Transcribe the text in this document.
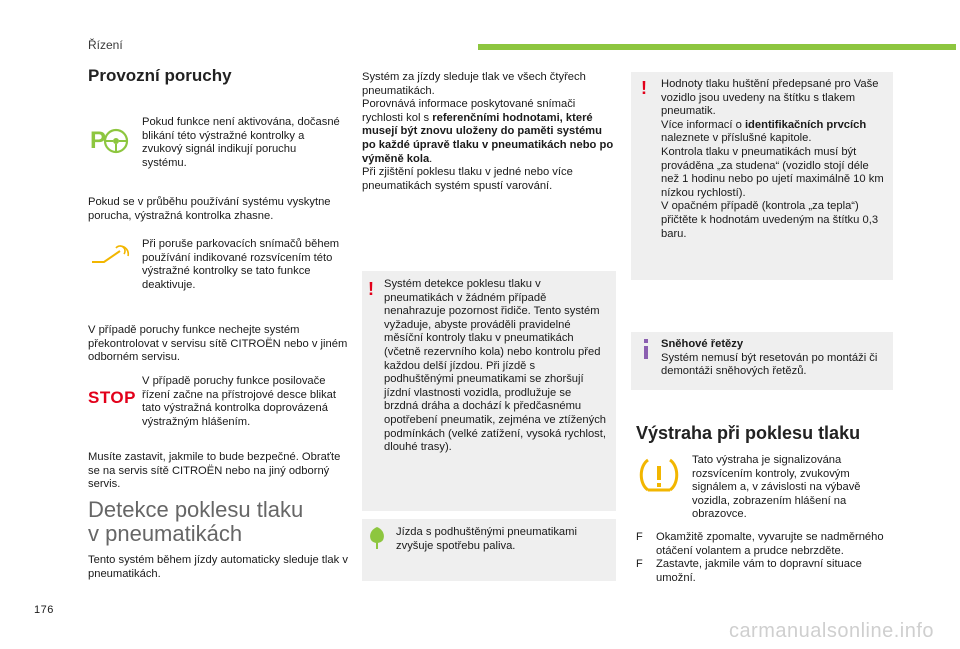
Řízení
Provozní poruchy
P
Pokud funkce není aktivována, dočasné blikání této výstražné kontrolky a zvukový signál indikují poruchu systému.
Pokud se v průběhu používání systému vyskytne porucha, výstražná kontrolka zhasne.
Při poruše parkovacích snímačů během používání indikované rozsvícením této výstražné kontrolky se tato funkce deaktivuje.
V případě poruchy funkce nechejte systém překontrolovat v servisu sítě CITROËN nebo v jiném odborném servisu.
STOP
V případě poruchy funkce posilovače řízení začne na přístrojové desce blikat tato výstražná kontrolka doprovázená výstražným hlášením.
Musíte zastavit, jakmile to bude bezpečné. Obraťte se na servis sítě CITROËN nebo na jiný odborný servis.
Detekce poklesu tlaku
v pneumatikách
Tento systém během jízdy automaticky sleduje tlak v pneumatikách.

Systém za jízdy sleduje tlak ve všech čtyřech pneumatikách.

Porovnává informace poskytované snímači rychlosti kol s referenčními hodnotami, které musejí být znovu uloženy do paměti systému po každé úpravě tlaku v pneumatikách nebo po výměně kola.

Při zjištění poklesu tlaku v jedné nebo více pneumatikách systém spustí varování.

! Systém detekce poklesu tlaku v pneumatikách v žádném případě nenahrazuje pozornost řidiče. Tento systém vyžaduje, abyste prováděli pravidelné měsíční kontroly tlaku v pneumatikách (včetně rezervního kola) nebo kontrolu před každou delší jízdou. Při jízdě s podhuštěnými pneumatikami se zhoršují jízdní vlastnosti vozidla, prodlužuje se brzdná dráha a dochází k předčasnému opotřebení pneumatik, zejména ve ztížených podmínkách (velké zatížení, vysoká rychlost, dlouhé trasy).
Jízda s podhuštěnými pneumatikami zvyšuje spotřebu paliva.
! Hodnoty tlaku huštění předepsané pro Vaše vozidlo jsou uvedeny na štítku s tlakem pneumatik.

Více informací o identifikačních prvcích naleznete v příslušné kapitole.

Kontrola tlaku v pneumatikách musí být prováděna „za studena“ (vozidlo stojí déle než 1 hodinu nebo po ujetí maximálně 10 km nízkou rychlostí).

V opačném případě (kontrola „za tepla“) přičtěte k hodnotám uvedeným na štítku 0,3 baru.

Sněhové řetězy

Systém nemusí být resetován po montáži či demontáži sněhových řetězů.

Výstraha při poklesu tlaku
Tato výstraha je signalizována rozsvícením kontroly, zvukovým signálem a, v závislosti na výbavě vozidla, zobrazením hlášení na obrazovce.
F	Okamžitě zpomalte, vyvarujte se nadměrného otáčení volantem a prudce nebrzděte.
F	Zastavte, jakmile vám to dopravní situace umožní.
176
carmanualsonline.info
